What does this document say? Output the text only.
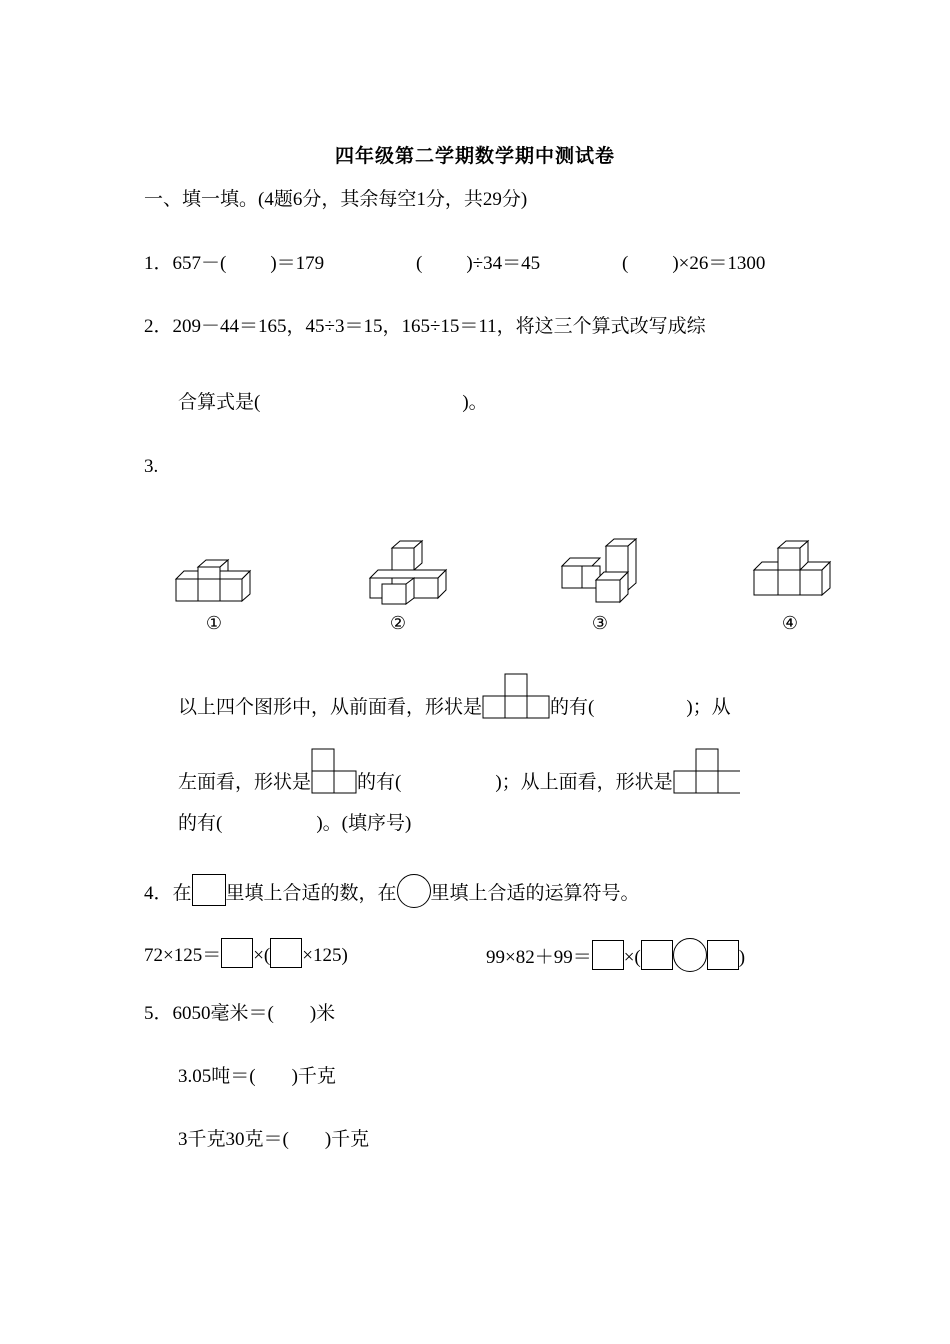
四年级第二学期数学期中测试卷
一、填一填。(4题6分，其余每空1分，共29分)
1．657－( )＝179	( )÷34＝45	( )×26＝1300
2．209－44＝165，45÷3＝15，165÷15＝11，将这三个算式改写成综
合算式是(	)。
3.
①	②	③	④
以上四个图形中，从前面看，形状是	的有(	)；从
左面看，形状是 的有(	)；从上面看，形状是
的有(	)。(填序号)
4．在 里填上合适的数，在 里填上合适的运算符号。
72×125＝ ×( ×125)	99×82＋99＝ ×(	)
5．6050毫米＝( )米
3.05吨＝( )千克
3千克30克＝( )千克
